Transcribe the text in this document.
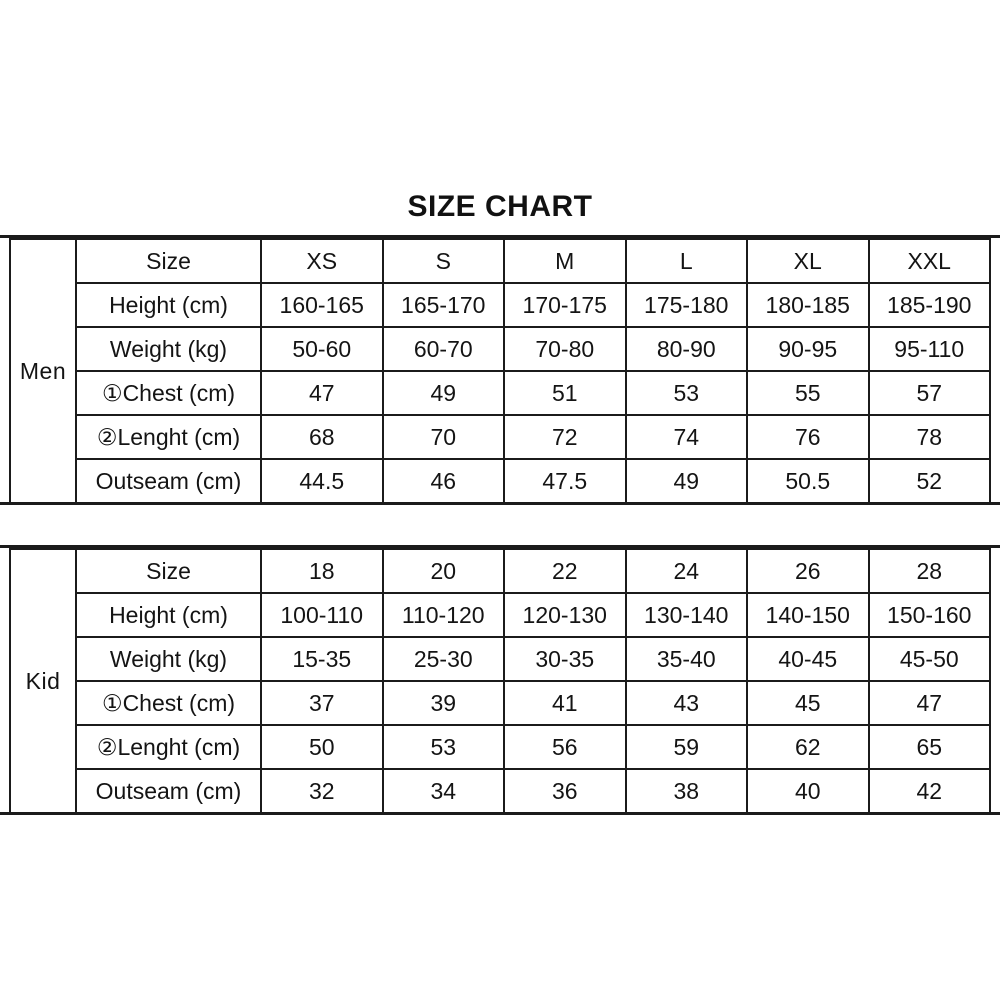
SIZE CHART
Men	Size	XS	S	M	L	XL	XXL
	Height (cm)	160-165	165-170	170-175	175-180	180-185	185-190
	Weight (kg)	50-60	60-70	70-80	80-90	90-95	95-110
	①Chest (cm)	47	49	51	53	55	57
	②Lenght (cm)	68	70	72	74	76	78
	Outseam (cm)	44.5	46	47.5	49	50.5	52
Kid	Size	18	20	22	24	26	28
	Height (cm)	100-110	110-120	120-130	130-140	140-150	150-160
	Weight (kg)	15-35	25-30	30-35	35-40	40-45	45-50
	①Chest (cm)	37	39	41	43	45	47
	②Lenght (cm)	50	53	56	59	62	65
	Outseam (cm)	32	34	36	38	40	42
